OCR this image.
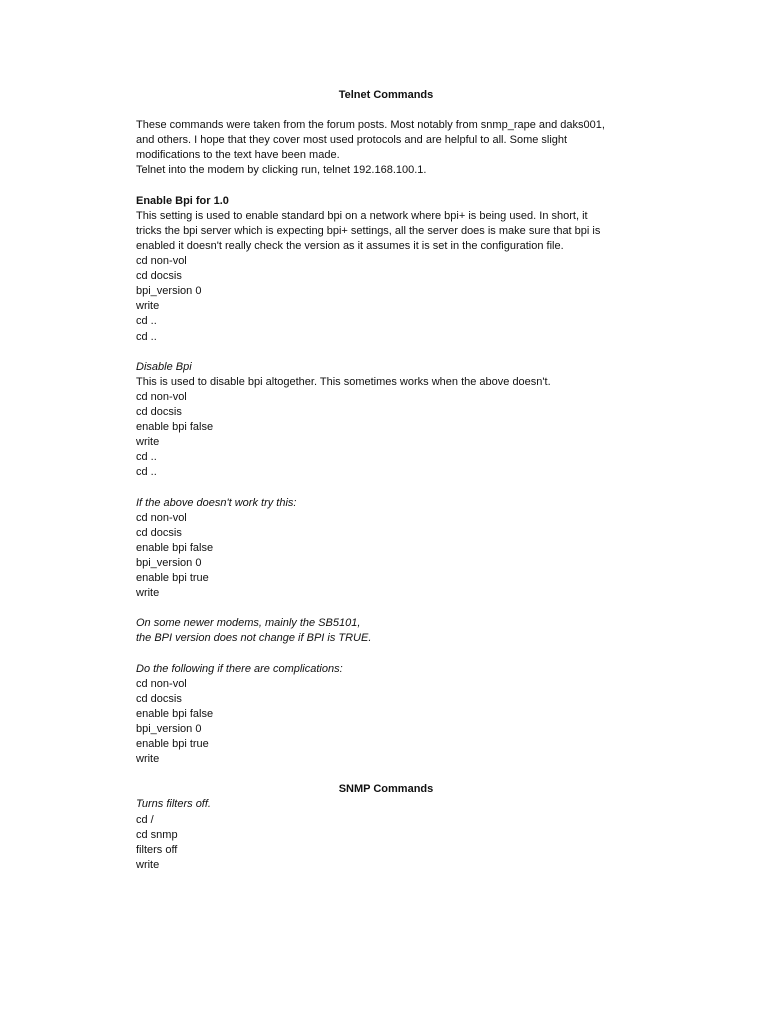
Telnet Commands
These commands were taken from the forum posts. Most notably from snmp_rape and daks001,
and others. I hope that they cover most used protocols and are helpful to all. Some slight
modifications to the text have been made.
Telnet into the modem by clicking run, telnet 192.168.100.1.
Enable Bpi for 1.0
This setting is used to enable standard bpi on a network where bpi+ is being used. In short, it
tricks the bpi server which is expecting bpi+ settings, all the server does is make sure that bpi is
enabled it doesn't really check the version as it assumes it is set in the configuration file.
cd non-vol
cd docsis
bpi_version 0
write
cd ..
cd ..
Disable Bpi
This is used to disable bpi altogether. This sometimes works when the above doesn't.
cd non-vol
cd docsis
enable bpi false
write
cd ..
cd ..
If the above doesn't work try this:
cd non-vol
cd docsis
enable bpi false
bpi_version 0
enable bpi true
write
On some newer modems, mainly the SB5101,
the BPI version does not change if BPI is TRUE.
Do the following if there are complications:
cd non-vol
cd docsis
enable bpi false
bpi_version 0
enable bpi true
write
SNMP Commands
Turns filters off.
cd /
cd snmp
filters off
write
